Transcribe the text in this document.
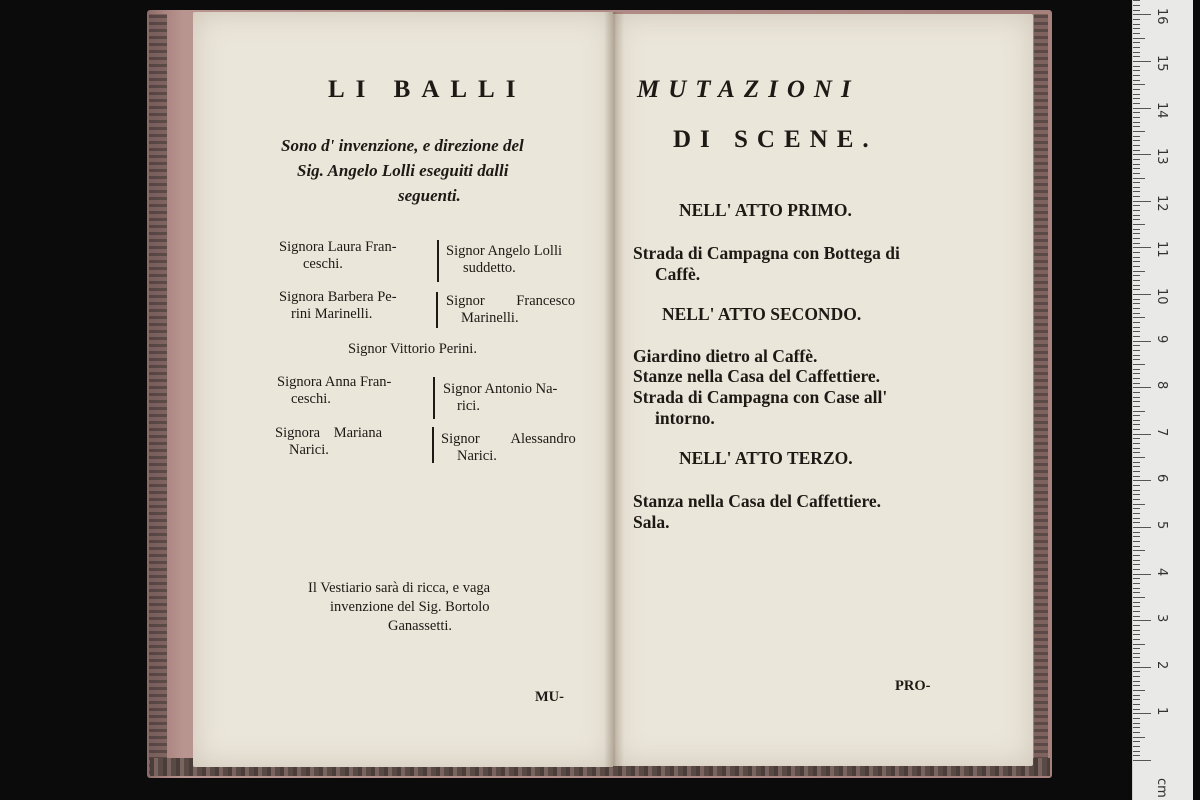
LI BALLI
Sono d' invenzione, e direzione del
Sig. Angelo Lolli eseguiti dalli
seguenti.
Signora Laura Fran-
ceschi.
Signor Angelo Lolli
suddetto.
Signora Barbera Pe-
rini Marinelli.
Signor Francesco
Marinelli.
Signor Vittorio Perini.
Signora Anna Fran-
ceschi.
Signor Antonio Na-
rici.
Signora Mariana
Narici.
Signor Alessandro
Narici.
Il Vestiario sarà di ricca, e vaga
invenzione del Sig. Bortolo
Ganassetti.
MU-
MUTAZIONI
DI SCENE.
NELL' ATTO PRIMO.
Strada di Campagna con Bottega di
Caffè.
NELL' ATTO SECONDO.
Giardino dietro al Caffè.
Stanze nella Casa del Caffettiere.
Strada di Campagna con Case all'
intorno.
NELL' ATTO TERZO.
Stanza nella Casa del Caffettiere.
Sala.
PRO-
cm
1
2
3
4
5
6
7
8
9
10
11
12
13
14
15
16
